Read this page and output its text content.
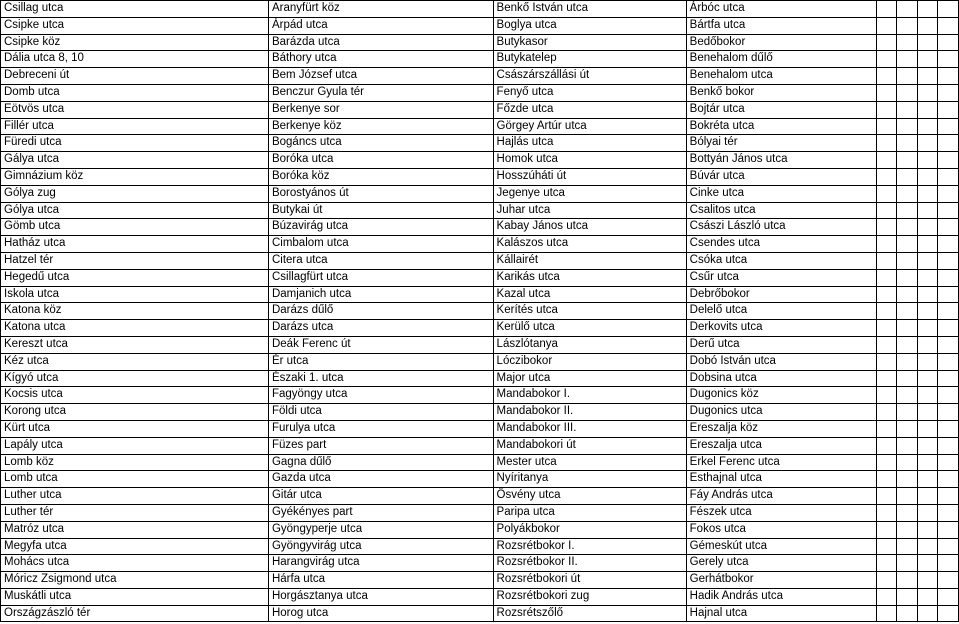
Csillag utca	Aranyfürt köz	Benkő István utca	Árbóc utca				
Csipke utca	Árpád utca	Boglya utca	Bártfa utca				
Csipke köz	Barázda utca	Butykasor	Bedőbokor				
Dália utca 8, 10	Báthory utca	Butykatelep	Benehalom dűlő				
Debreceni út	Bem József utca	Császárszállási út	Benehalom utca				
Domb utca	Benczur Gyula tér	Fenyő utca	Benkő bokor				
Eötvös utca	Berkenye sor	Főzde utca	Bojtár utca				
Fillér utca	Berkenye köz	Görgey Artúr utca	Bokréta utca				
Füredi utca	Bogáncs utca	Hajlás utca	Bólyai tér				
Gálya utca	Boróka utca	Homok utca	Bottyán János utca				
Gimnázium köz	Boróka köz	Hosszúháti út	Búvár utca				
Gólya zug	Borostyános út	Jegenye utca	Cinke utca				
Gólya utca	Butykai út	Juhar utca	Csalitos utca				
Gömb utca	Búzavirág utca	Kabay János utca	Császi László utca				
Hatház utca	Cimbalom utca	Kalászos utca	Csendes utca				
Hatzel tér	Citera utca	Kállairét	Csóka utca				
Hegedű utca	Csillagfürt utca	Karikás utca	Csűr utca				
Iskola utca	Damjanich utca	Kazal utca	Debrőbokor				
Katona köz	Darázs dűlő	Kerítés utca	Delelő utca				
Katona utca	Darázs utca	Kerülő utca	Derkovits utca				
Kereszt utca	Deák Ferenc út	Lászlótanya	Derű utca				
Kéz utca	Ér utca	Lóczibokor	Dobó István utca				
Kígyó utca	Északi 1. utca	Major utca	Dobsina utca				
Kocsis utca	Fagyöngy utca	Mandabokor I.	Dugonics köz				
Korong utca	Földi utca	Mandabokor II.	Dugonics utca				
Kürt utca	Furulya utca	Mandabokor III.	Ereszalja köz				
Lapály utca	Füzes part	Mandabokori út	Ereszalja utca				
Lomb köz	Gagna dűlő	Mester utca	Erkel Ferenc utca				
Lomb utca	Gazda utca	Nyíritanya	Esthajnal utca				
Luther utca	Gitár utca	Ösvény utca	Fáy András utca				
Luther tér	Gyékényes part	Paripa utca	Fészek utca				
Matróz utca	Gyöngyperje utca	Polyákbokor	Fokos utca				
Megyfa utca	Gyöngyvirág utca	Rozsrétbokor I.	Gémeskút utca				
Mohács utca	Harangvirág utca	Rozsrétbokor II.	Gerely utca				
Móricz Zsigmond utca	Hárfa utca	Rozsrétbokori út	Gerhátbokor				
Muskátli utca	Horgásztanya utca	Rozsrétbokori zug	Hadik András utca				
Országzászló tér	Horog utca	Rozsrétszőlő	Hajnal utca				
